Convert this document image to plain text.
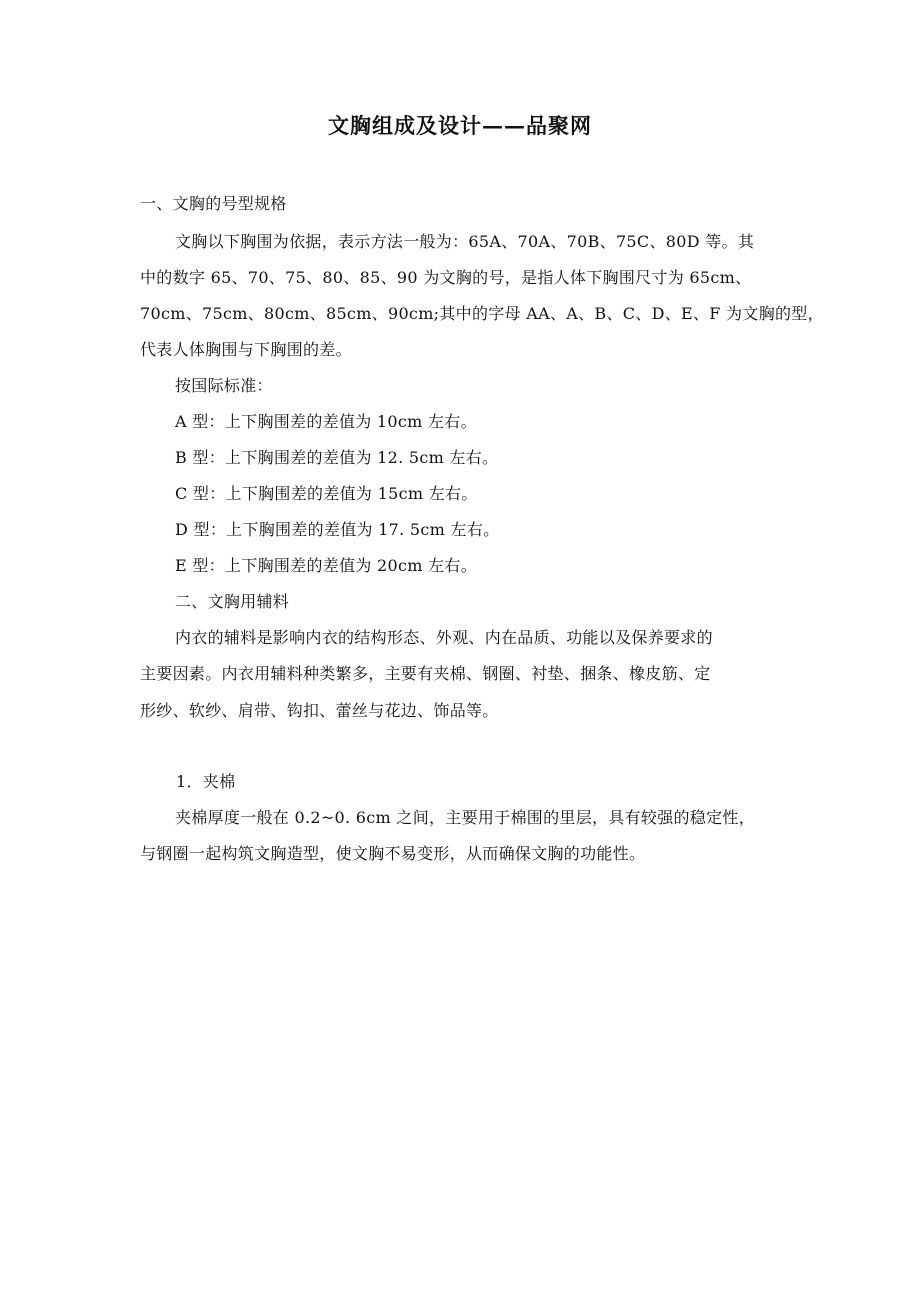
文胸组成及设计——品聚网
一、文胸的号型规格
文胸以下胸围为依据，表示方法一般为：65A、70A、70B、75C、80D 等。其
中的数字 65、70、75、80、85、90 为文胸的号，是指人体下胸围尺寸为 65cm、
70cm、75cm、80cm、85cm、90cm;其中的字母 AA、A、B、C、D、E、F 为文胸的型，
代表人体胸围与下胸围的差。
按国际标准：
A 型：上下胸围差的差值为 10cm 左右。
B 型：上下胸围差的差值为 12. 5cm 左右。
C 型：上下胸围差的差值为 15cm 左右。
D 型：上下胸围差的差值为 17. 5cm 左右。
E 型：上下胸围差的差值为 20cm 左右。
二、文胸用辅料
内衣的辅料是影响内衣的结构形态、外观、内在品质、功能以及保养要求的
主要因素。内衣用辅料种类繁多，主要有夹棉、钢圈、衬垫、捆条、橡皮筋、定
形纱、软纱、肩带、钩扣、蕾丝与花边、饰品等。
1．夹棉
夹棉厚度一般在 0.2~0. 6cm 之间，主要用于棉围的里层，具有较强的稳定性，
与钢圈一起构筑文胸造型，使文胸不易变形，从而确保文胸的功能性。
